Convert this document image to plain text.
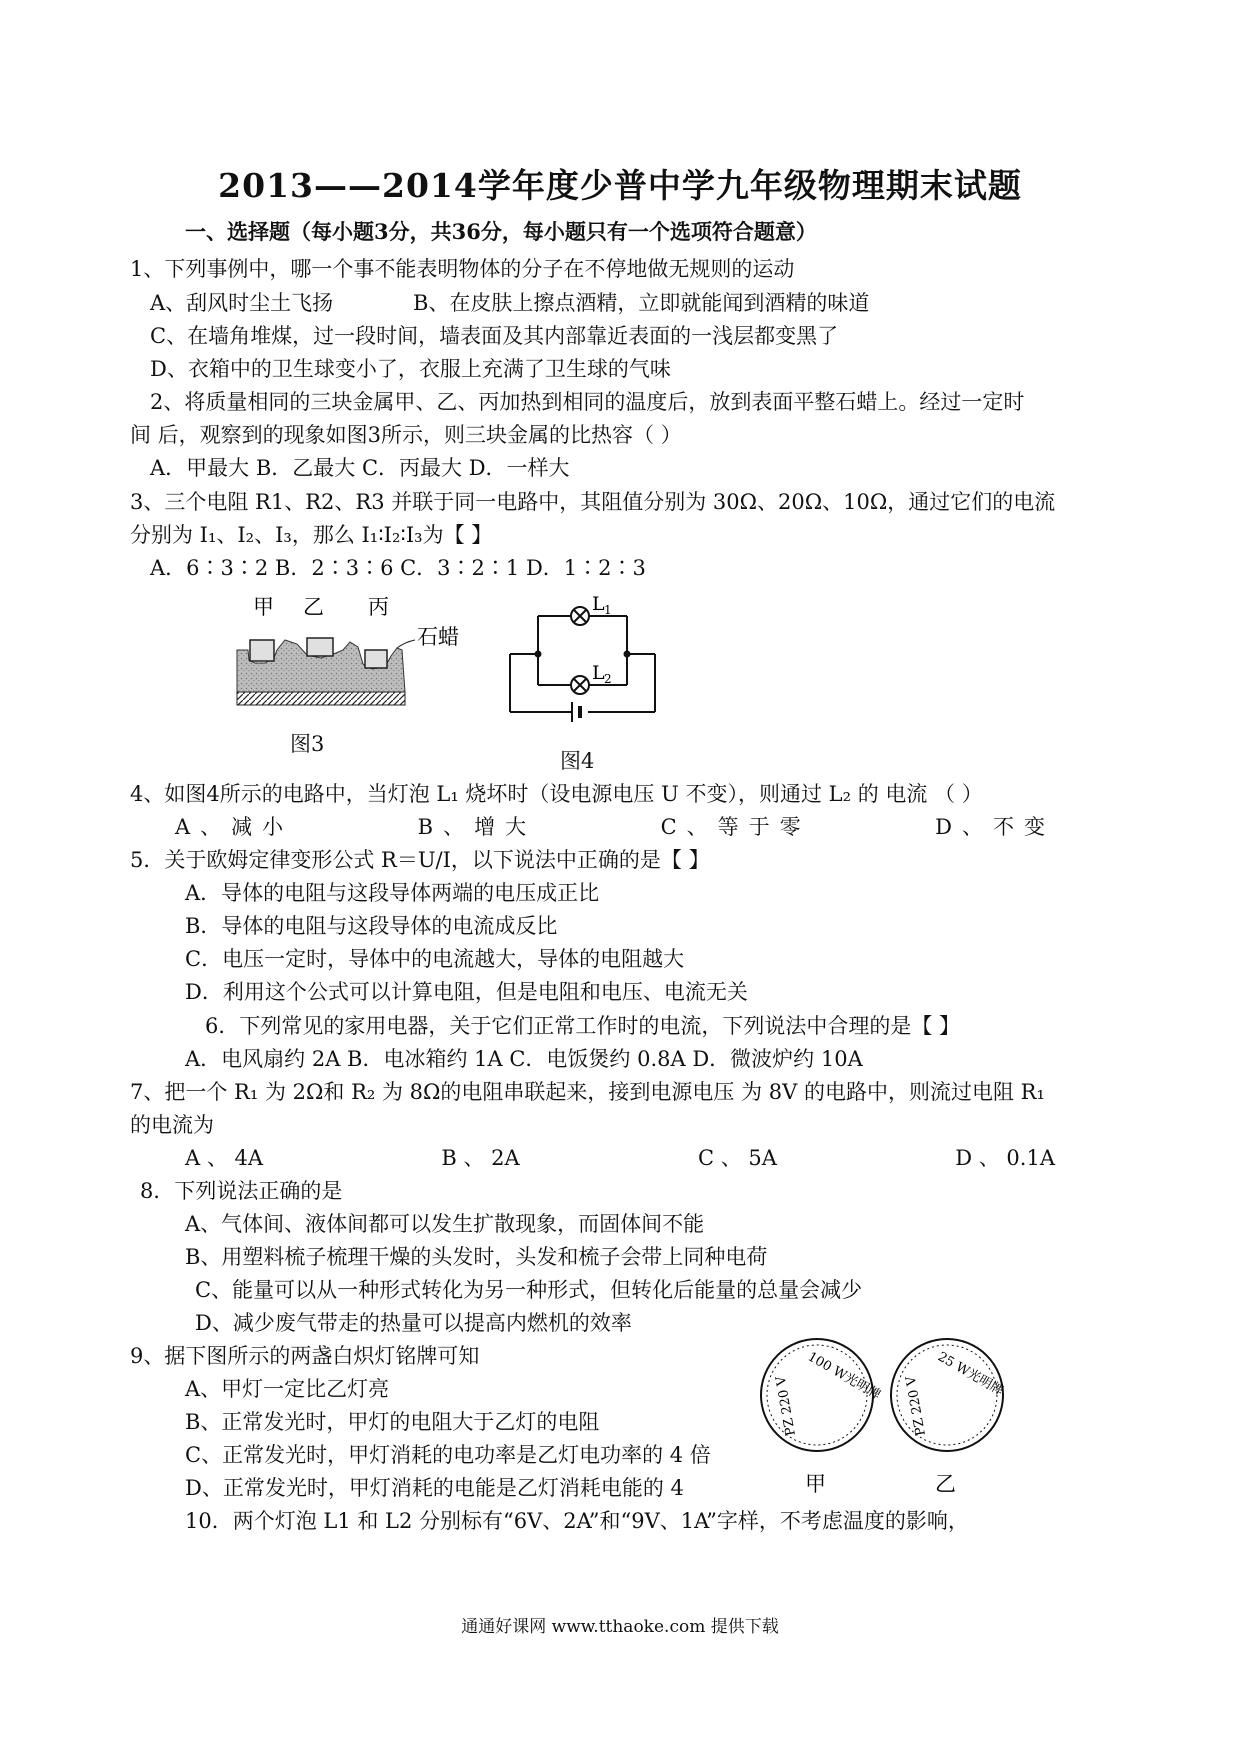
2013——2014学年度少普中学九年级物理期末试题
一、选择题（每小题3分，共36分，每小题只有一个选项符合题意）
1、下列事例中，哪一个事不能表明物体的分子在不停地做无规则的运动
A、刮风时尘土飞扬	B、在皮肤上擦点酒精，立即就能闻到酒精的味道
C、在墙角堆煤，过一段时间，墙表面及其内部靠近表面的一浅层都变黑了
D、衣箱中的卫生球变小了，衣服上充满了卫生球的气味
2、将质量相同的三块金属甲、乙、丙加热到相同的温度后，放到表面平整石蜡上。经过一定时
间 后，观察到的现象如图3所示，则三块金属的比热容（ ）
A．甲最大 B．乙最大 C．丙最大 D．一样大
3、三个电阻 R1、R2、R3 并联于同一电路中，其阻值分别为 30Ω、20Ω、10Ω，通过它们的电流
分别为 I₁、I₂、I₃，那么 I₁∶I₂∶I₃为【 】
A．6∶3∶2 B．2∶3∶6 C．3∶2∶1 D．1∶2∶3
甲 乙 丙
石蜡
图3
L 1
L 2
图4
4、如图4所示的电路中，当灯泡 L₁ 烧坏时（设电源电压 U 不变），则通过 L₂ 的 电流 （ ）
A、减小	B、增大	C、等于零	D、不变
5．关于欧姆定律变形公式 R＝U/I，以下说法中正确的是【 】
A．导体的电阻与这段导体两端的电压成正比
B．导体的电阻与这段导体的电流成反比
C．电压一定时，导体中的电流越大，导体的电阻越大
D．利用这个公式可以计算电阻，但是电阻和电压、电流无关
6．下列常见的家用电器，关于它们正常工作时的电流，下列说法中合理的是【 】
A．电风扇约 2A B．电冰箱约 1A C．电饭煲约 0.8A D．微波炉约 10A
7、把一个 R₁ 为 2Ω和 R₂ 为 8Ω的电阻串联起来，接到电源电压 为 8V 的电路中，则流过电阻 R₁
的电流为
A 、 4A	B 、 2A	C 、 5A	D 、 0.1A
8．下列说法正确的是
A、气体间、液体间都可以发生扩散现象，而固体间不能
B、用塑料梳子梳理干燥的头发时，头发和梳子会带上同种电荷
C、能量可以从一种形式转化为另一种形式，但转化后能量的总量会减少
D、减少废气带走的热量可以提高内燃机的效率
9、据下图所示的两盏白炽灯铭牌可知
A、甲灯一定比乙灯亮
B、正常发光时，甲灯的电阻大于乙灯的电阻
C、正常发光时，甲灯消耗的电功率是乙灯电功率的 4 倍
D、正常发光时，甲灯消耗的电能是乙灯消耗电能的 4
PZ 220 V 100 W光明牌 PZ 220 V
25 W光明牌
甲	乙
10．两个灯泡 L1 和 L2 分别标有“6V、2A”和“9V、1A”字样，不考虑温度的影响，
通通好课网 www.tthaoke.com 提供下载
